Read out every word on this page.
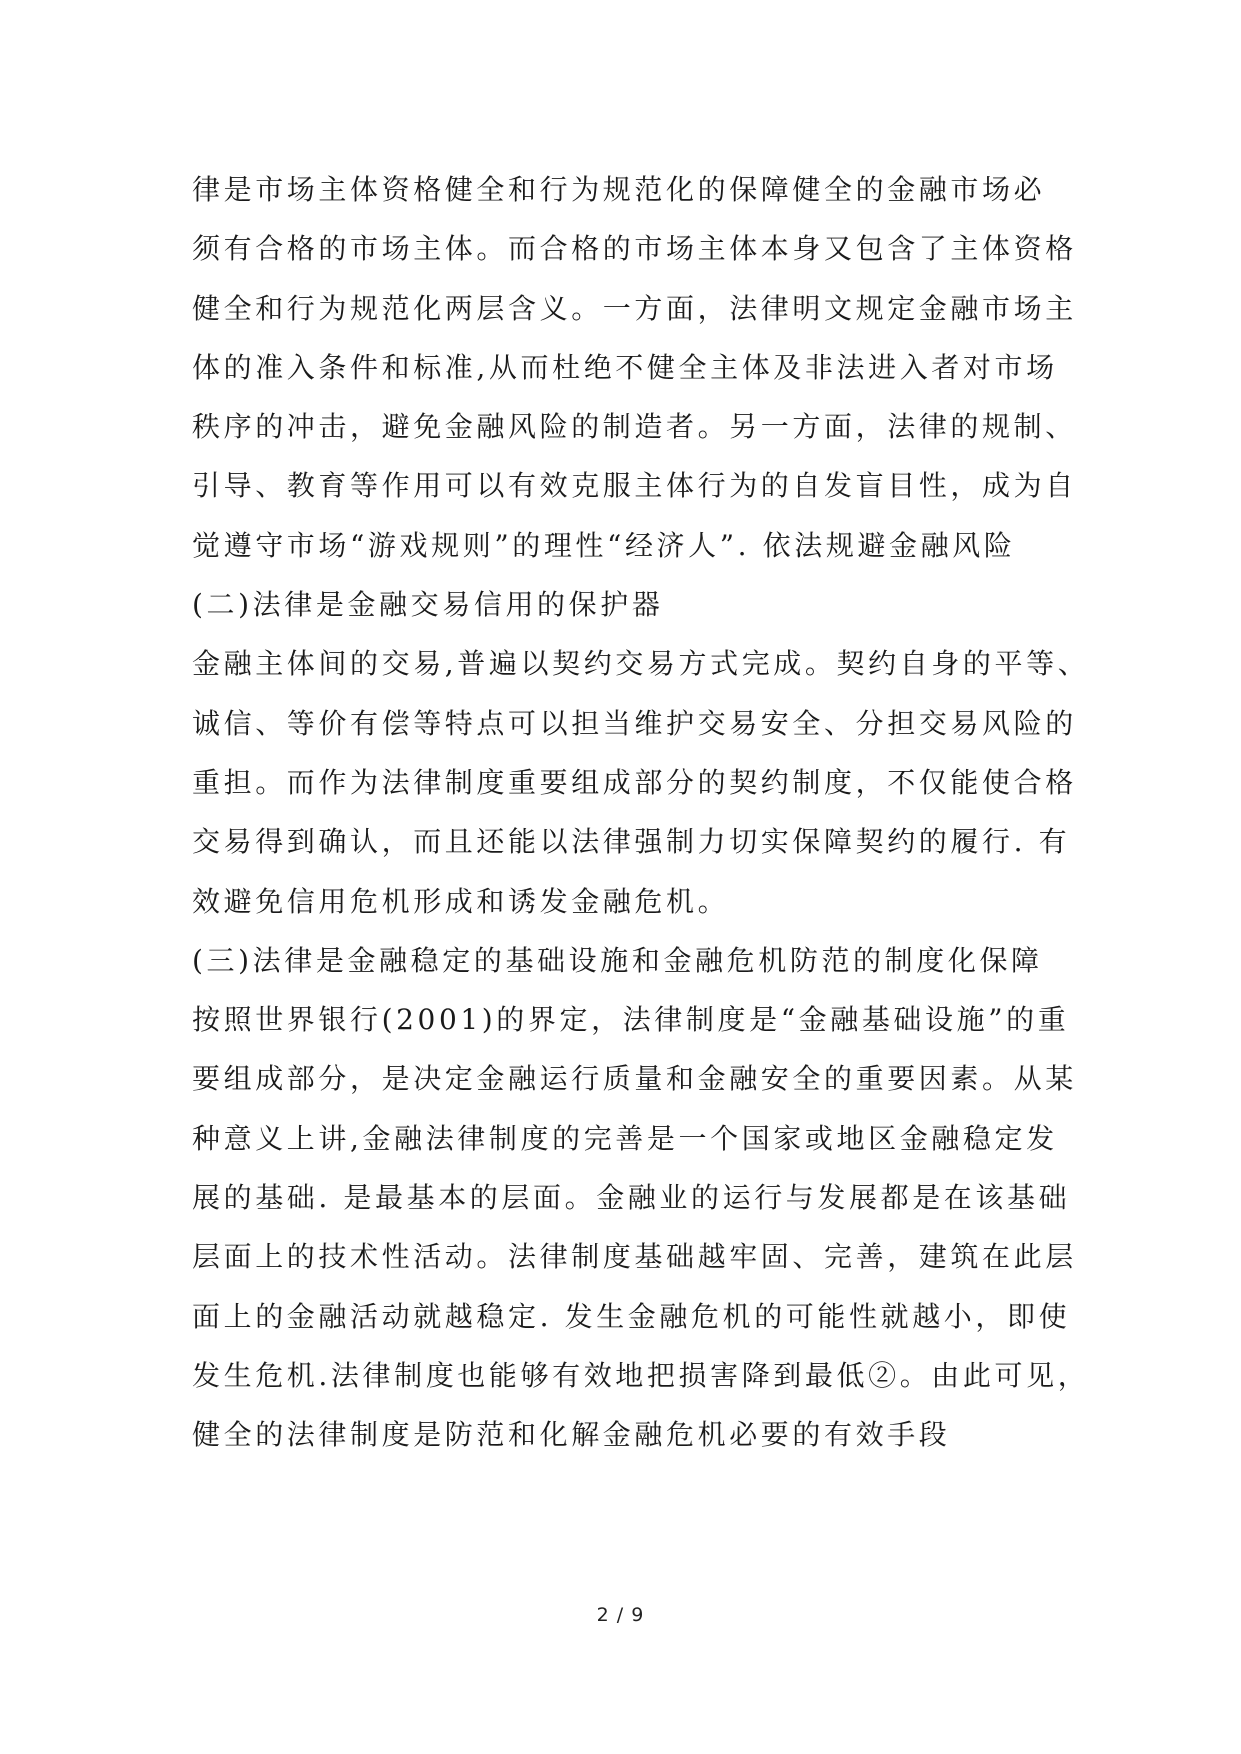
律是市场主体资格健全和行为规范化的保障健全的金融市场必

须有合格的市场主体。而合格的市场主体本身又包含了主体资格

健全和行为规范化两层含义。一方面，法律明文规定金融市场主

体的准入条件和标准,从而杜绝不健全主体及非法进入者对市场

秩序的冲击，避免金融风险的制造者。另一方面，法律的规制、

引导、教育等作用可以有效克服主体行为的自发盲目性，成为自

觉遵守市场“游戏规则”的理性“经济人”. 依法规避金融风险

(二)法律是金融交易信用的保护器

金融主体间的交易,普遍以契约交易方式完成。契约自身的平等、

诚信、等价有偿等特点可以担当维护交易安全、分担交易风险的

重担。而作为法律制度重要组成部分的契约制度，不仅能使合格

交易得到确认，而且还能以法律强制力切实保障契约的履行. 有

效避免信用危机形成和诱发金融危机。

(三)法律是金融稳定的基础设施和金融危机防范的制度化保障

按照世界银行(2001)的界定，法律制度是“金融基础设施”的重

要组成部分，是决定金融运行质量和金融安全的重要因素。从某

种意义上讲,金融法律制度的完善是一个国家或地区金融稳定发

展的基础. 是最基本的层面。金融业的运行与发展都是在该基础

层面上的技术性活动。法律制度基础越牢固、完善，建筑在此层

面上的金融活动就越稳定. 发生金融危机的可能性就越小，即使

发生危机.法律制度也能够有效地把损害降到最低②。由此可见，

健全的法律制度是防范和化解金融危机必要的有效手段

2 / 9
